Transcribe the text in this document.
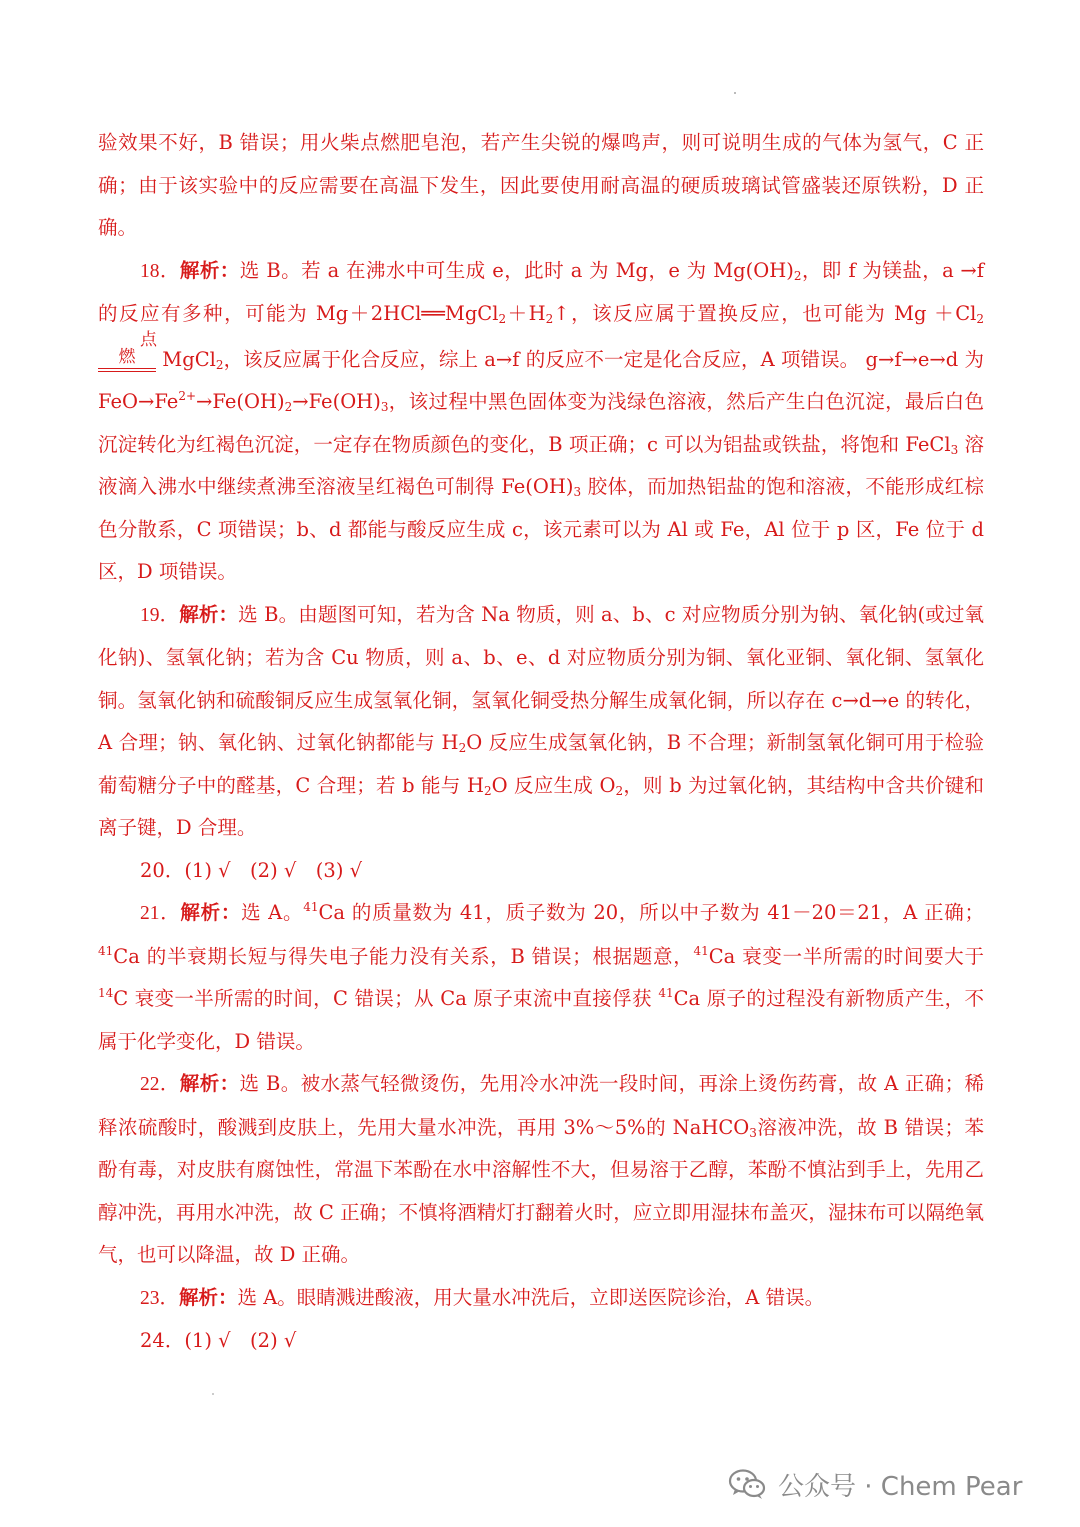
验效果不好，B 错误；用火柴点燃肥皂泡，若产生尖锐的爆鸣声，则可说明生成的气体为氢气，C 正确；由于该实验中的反应需要在高温下发生，因此要使用耐高温的硬质玻璃试管盛装还原铁粉，D 正确。

18．解析：选 B。若 a 在沸水中可生成 e，此时 a 为 Mg，e 为 $Mg(OH)_2$，即 f 为镁盐，a →f 的反应有多种，可能为 $Mg+2HCl══MgCl_2+H_2↑$，该反应属于置换反应，也可能为 $Mg +Cl_2$
点燃	MgCl$_2$，该反应属于化合反应，综上 a→f 的反应不一定是化合反应，A 项错误。 g→f→e→d 为 $FeO\to Fe^{2+}\to Fe(OH)_2\to Fe(OH)_3$，该过程中黑色固体变为浅绿色溶液，然后产生白色沉淀，最后白色沉淀转化为红褐色沉淀，一定存在物质颜色的变化，B 项正确；c 可以为铝盐或铁盐，将饱和 FeCl$_3$ 溶液滴入沸水中继续煮沸至溶液呈红褐色可制得 $Fe(OH)_3$ 胶体，而加热铝盐的饱和溶液，不能形成红棕色分散系，C 项错误；b、d 都能与酸反应生成 c，该元素可以为 Al 或 Fe，Al 位于 p 区，Fe 位于 d 区，D 项错误。

19．解析：选 B。由题图可知，若为含 Na 物质，则 a、b、c 对应物质分别为钠、氧化钠(或过氧化钠)、氢氧化钠；若为含 Cu 物质，则 a、b、e、d 对应物质分别为铜、氧化亚铜、氧化铜、氢氧化铜。氢氧化钠和硫酸铜反应生成氢氧化铜，氢氧化铜受热分解生成氧化铜，所以存在 c→d→e 的转化，A 合理；钠、氧化钠、过氧化钠都能与 $H_2O$ 反应生成氢氧化钠，B 不合理；新制氢氧化铜可用于检验葡萄糖分子中的醛基，C 合理；若 b 能与 $H_2O$ 反应生成 $O_2$，则 b 为过氧化钠，其结构中含共价键和离子键，D 合理。

20．(1) √　(2) √　(3) √

21．解析：选 A。$^{41}$Ca 的质量数为 41，质子数为 20，所以中子数为 41－20＝21，A 正确；$^{41}$Ca 的半衰期长短与得失电子能力没有关系，B 错误；根据题意，$^{41}$Ca 衰变一半所需的时间要大于 $^{14}$C 衰变一半所需的时间，C 错误；从 Ca 原子束流中直接俘获 $^{41}$Ca 原子的过程没有新物质产生，不属于化学变化，D 错误。

22．解析：选 B。被水蒸气轻微烫伤，先用冷水冲洗一段时间，再涂上烫伤药膏，故 A 正确；稀释浓硫酸时，酸溅到皮肤上，先用大量水冲洗，再用 3%～5%的 NaHCO$_3$溶液冲洗，故 B 错误；苯酚有毒，对皮肤有腐蚀性，常温下苯酚在水中溶解性不大，但易溶于乙醇，苯酚不慎沾到手上，先用乙醇冲洗，再用水冲洗，故 C 正确；不慎将酒精灯打翻着火时，应立即用湿抹布盖灭，湿抹布可以隔绝氧气，也可以降温，故 D 正确。

23．解析：选 A。眼睛溅进酸液，用大量水冲洗后，立即送医院诊治，A 错误。

24．(1) √　(2) √

公众号 · Chem Pear
